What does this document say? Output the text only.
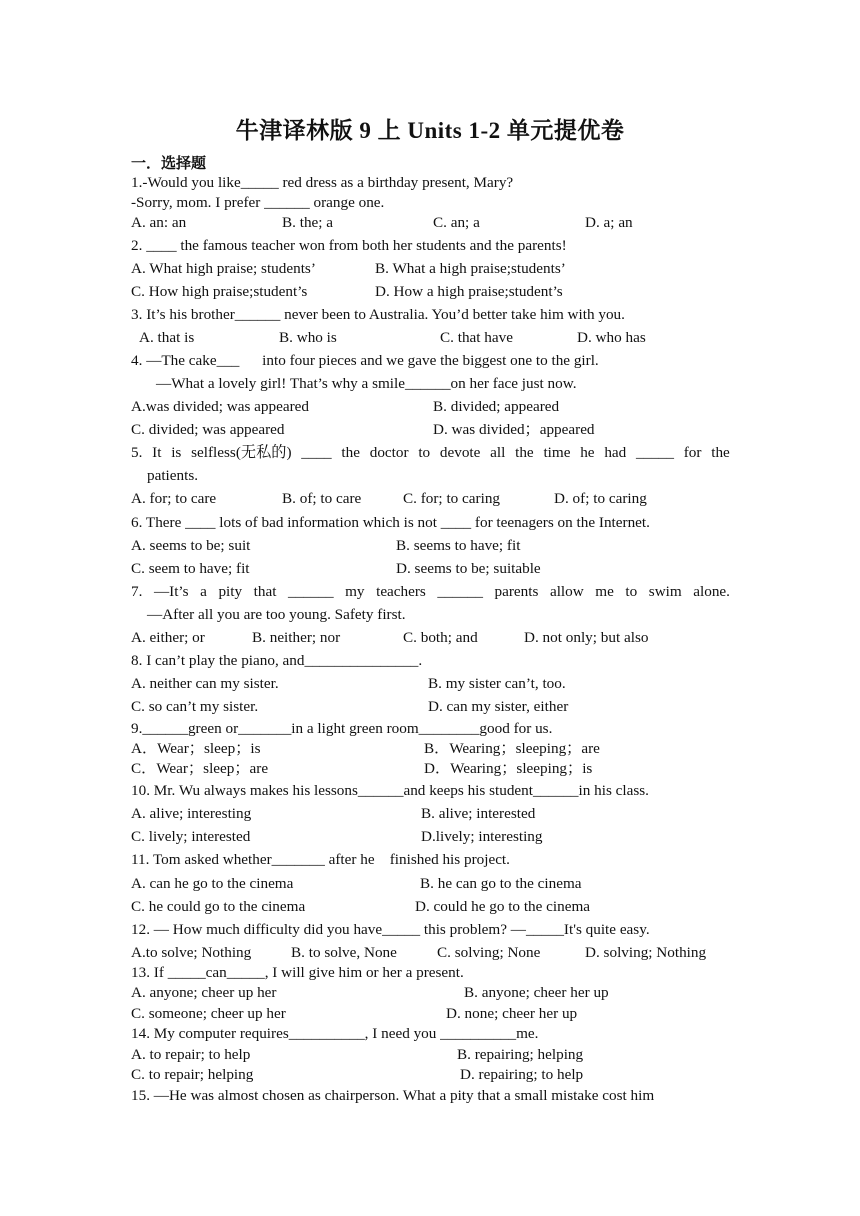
牛津译林版 9 上 Units 1-2 单元提优卷
一．选择题
1.-Would you like_____ red dress as a birthday present, Mary?
-Sorry, mom. I prefer ______ orange one.
A. an: an	B. the; a	C. an; a	D. a; an
2. ____ the famous teacher won from both her students and the parents!
A. What high praise; students’	B. What a high praise;students’
C. How high praise;student’s	D. How a high praise;student’s
3. It’s his brother______ never been to Australia. You’d better take him with you.
A. that is	B. who is	C. that have	D. who has
4. —The cake___      into four pieces and we gave the biggest one to the girl.
—What a lovely girl! That’s why a smile______on her face just now.
A.was divided; was appeared	B. divided; appeared
C. divided; was appeared	D. was divided；appeared
5. It is selfless(无私的) ____ the doctor to devote all the time he had _____ for the
patients.
A. for; to care	B. of; to care	C. for; to caring	D. of; to caring
6. There ____ lots of bad information which is not ____ for teenagers on the Internet.
A. seems to be; suit	B. seems to have; fit
C. seem to have; fit	D. seems to be; suitable
7. —It’s a pity that ______ my teachers ______ parents allow me to swim alone.
—After all you are too young. Safety first.
A. either; or	B. neither; nor	C. both; and	D. not only; but also
8. I can’t play the piano, and_______________.
A. neither can my sister.	B. my sister can’t, too.
C. so can’t my sister.	D. can my sister, either
9.______green or_______in a light green room________good for us.
A．Wear；sleep；is	B．Wearing；sleeping；are
C．Wear；sleep；are	D．Wearing；sleeping；is
10. Mr. Wu always makes his lessons______and keeps his student______in his class.
A. alive; interesting	B. alive; interested
C. lively; interested	D.lively; interesting
11. Tom asked whether_______ after he    finished his project.
A. can he go to the cinema	B. he can go to the cinema
C. he could go to the cinema	D. could he go to the cinema
12. — How much difficulty did you have_____ this problem? —_____It's quite easy.
A.to solve; Nothing	B. to solve, None	C. solving; None	D. solving; Nothing
13. If _____can_____, I will give him or her a present.
A. anyone; cheer up her	B. anyone; cheer her up
C. someone; cheer up her	D. none; cheer her up
14. My computer requires__________, I need you __________me.
A. to repair; to help	B. repairing; helping
C. to repair; helping	D. repairing; to help
15. —He was almost chosen as chairperson. What a pity that a small mistake cost him
